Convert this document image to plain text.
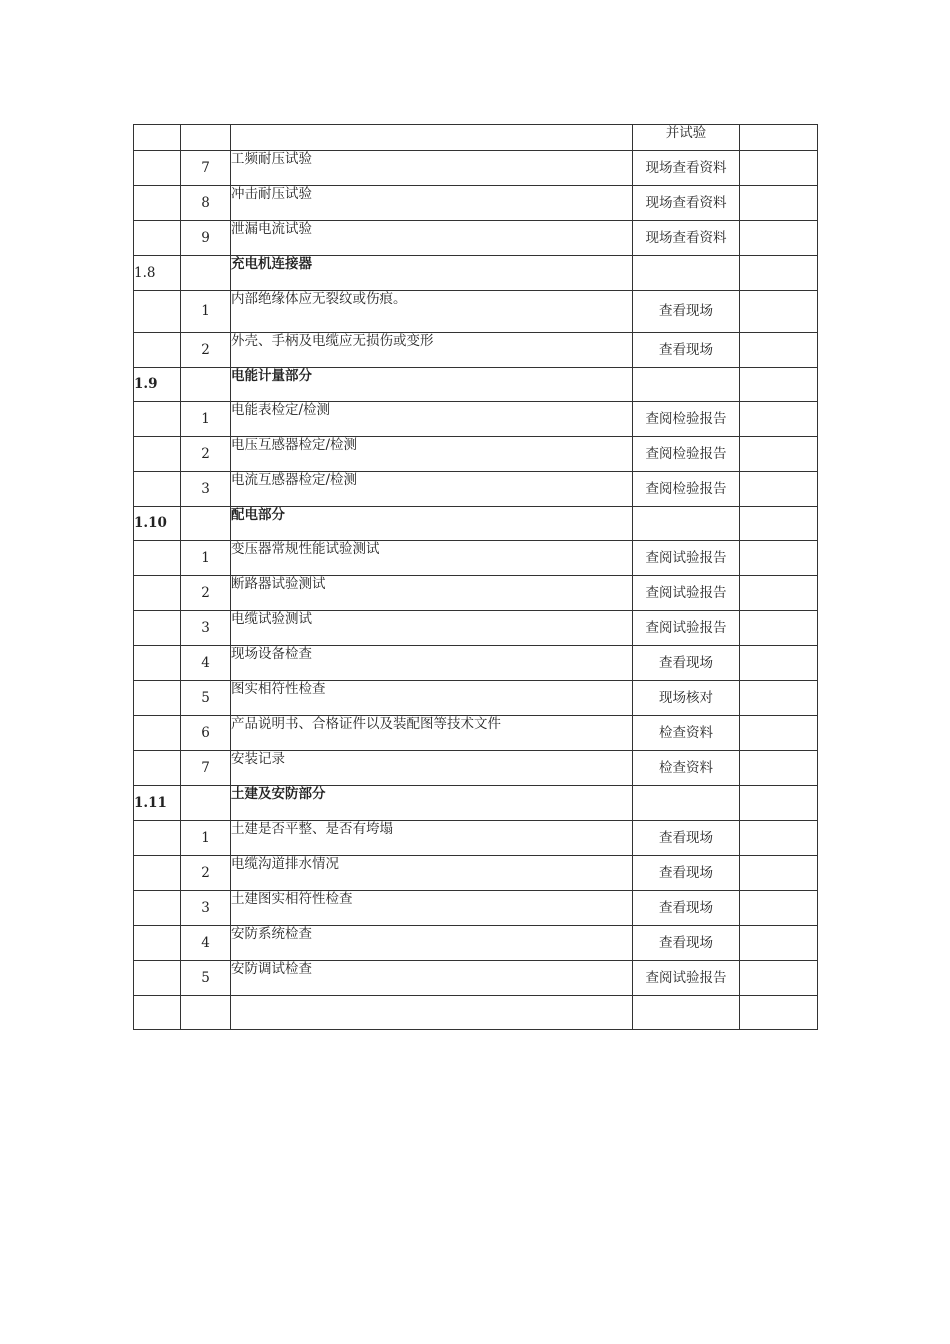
			并试验	
	7	工频耐压试验	现场查看资料	
	8	冲击耐压试验	现场查看资料	
	9	泄漏电流试验	现场查看资料	
1.8		充电机连接器		
	1	内部绝缘体应无裂纹或伤痕。	查看现场	
	2	外壳、手柄及电缆应无损伤或变形	查看现场	
1.9		电能计量部分		
	1	电能表检定/检测	查阅检验报告	
	2	电压互感器检定/检测	查阅检验报告	
	3	电流互感器检定/检测	查阅检验报告	
1.10		配电部分		
	1	变压器常规性能试验测试	查阅试验报告	
	2	断路器试验测试	查阅试验报告	
	3	电缆试验测试	查阅试验报告	
	4	现场设备检查	查看现场	
	5	图实相符性检查	现场核对	
	6	产品说明书、合格证件以及装配图等技术文件	检查资料	
	7	安装记录	检查资料	
1.11		土建及安防部分		
	1	土建是否平整、是否有垮塌	查看现场	
	2	电缆沟道排水情况	查看现场	
	3	土建图实相符性检查	查看现场	
	4	安防系统检查	查看现场	
	5	安防调试检查	查阅试验报告	
